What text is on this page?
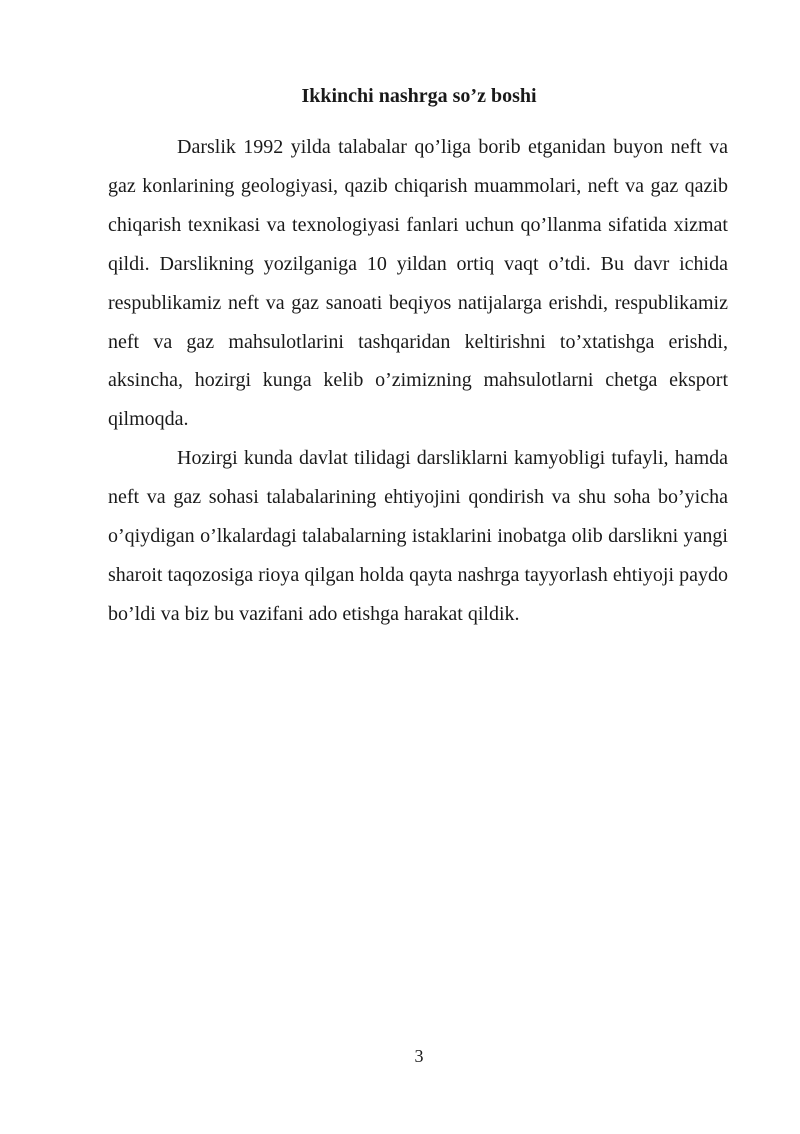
Ikkinchi nashrga so’z boshi

Darslik 1992 yilda talabalar qo’liga borib etganidan buyon neft va gaz konlarining geologiyasi, qazib chiqarish muammolari, neft va gaz qazib chiqarish texnikasi va texnologiyasi fanlari uchun qo’llanma sifatida xizmat qildi. Darslikning yozilganiga 10 yildan ortiq vaqt o’tdi. Bu davr ichida respublikamiz neft va gaz sanoati beqiyos natijalarga erishdi, respublikamiz neft va gaz mahsulotlarini tashqaridan keltirishni to’xtatishga erishdi, aksincha, hozirgi kunga kelib o’zimizning mahsulotlarni chetga eksport qilmoqda.

Hozirgi kunda davlat tilidagi darsliklarni kamyobligi tufayli, hamda neft va gaz sohasi talabalarining ehtiyojini qondirish va shu soha bo’yicha o’qiydigan o’lkalardagi talabalarning istaklarini inobatga olib darslikni yangi sharoit taqozosiga rioya qilgan holda qayta nashrga tayyorlash ehtiyoji paydo bo’ldi va biz bu vazifani ado etishga harakat qildik.

3
